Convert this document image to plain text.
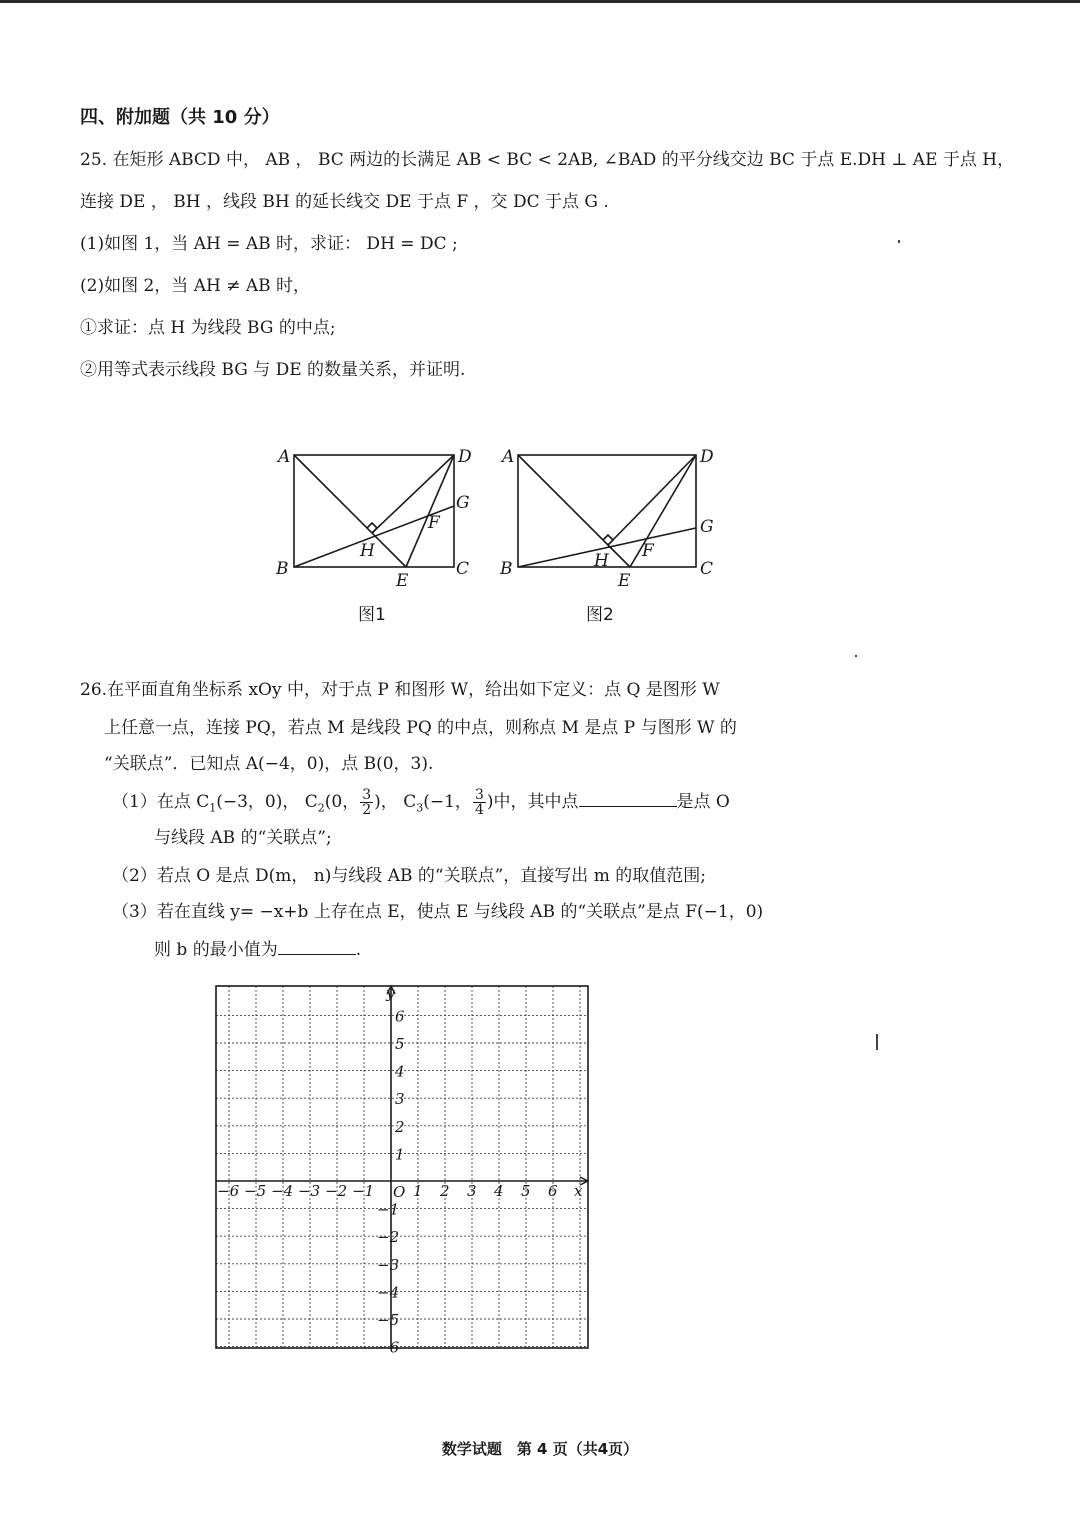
四、附加题（共 10 分）
25. 在矩形 ABCD 中， AB ， BC 两边的长满足 AB < BC < 2AB, ∠BAD 的平分线交边 BC 于点 E.DH ⊥ AE 于点 H，
连接 DE ， BH ，线段 BH 的延长线交 DE 于点 F ，交 DC 于点 G .
(1)如图 1，当 AH = AB 时，求证： DH = DC ;
(2)如图 2，当 AH ≠ AB 时，
①求证：点 H 为线段 BG 的中点;
②用等式表示线段 BG 与 DE 的数量关系，并证明.
A	D
G
F
H
B
E
C
图1
A	D
G
F
H
B
E
C
图2
26.在平面直角坐标系 xOy 中，对于点 P 和图形 W，给出如下定义：点 Q 是图形 W
上任意一点，连接 PQ，若点 M 是线段 PQ 的中点，则称点 M 是点 P 与图形 W 的
“关联点”．已知点 A(−4，0)，点 B(0，3).
（1）在点 $C_1(-3$，0)， $C_2(0$， $\frac{3}{2}$ )， $C_3(-1$， $\frac{3}{4}$ )中，其中点	是点 O
与线段 AB 的“关联点”;
（2）若点 O 是点 D(m， n)与线段 AB 的“关联点”，直接写出 m 的取值范围;
（3）若在直线 y= −x+b 上存在点 E，使点 E 与线段 AB 的“关联点”是点 F(−1，0)
则 b 的最小值为	.
−6 −5 −4 −3 −2 −1	1 2 3 4 5 6
1
2
3
4
5
6
−1
−2
−3
−4
−5
−6
x
y
O
数学试题　第 4 页（共4页）
